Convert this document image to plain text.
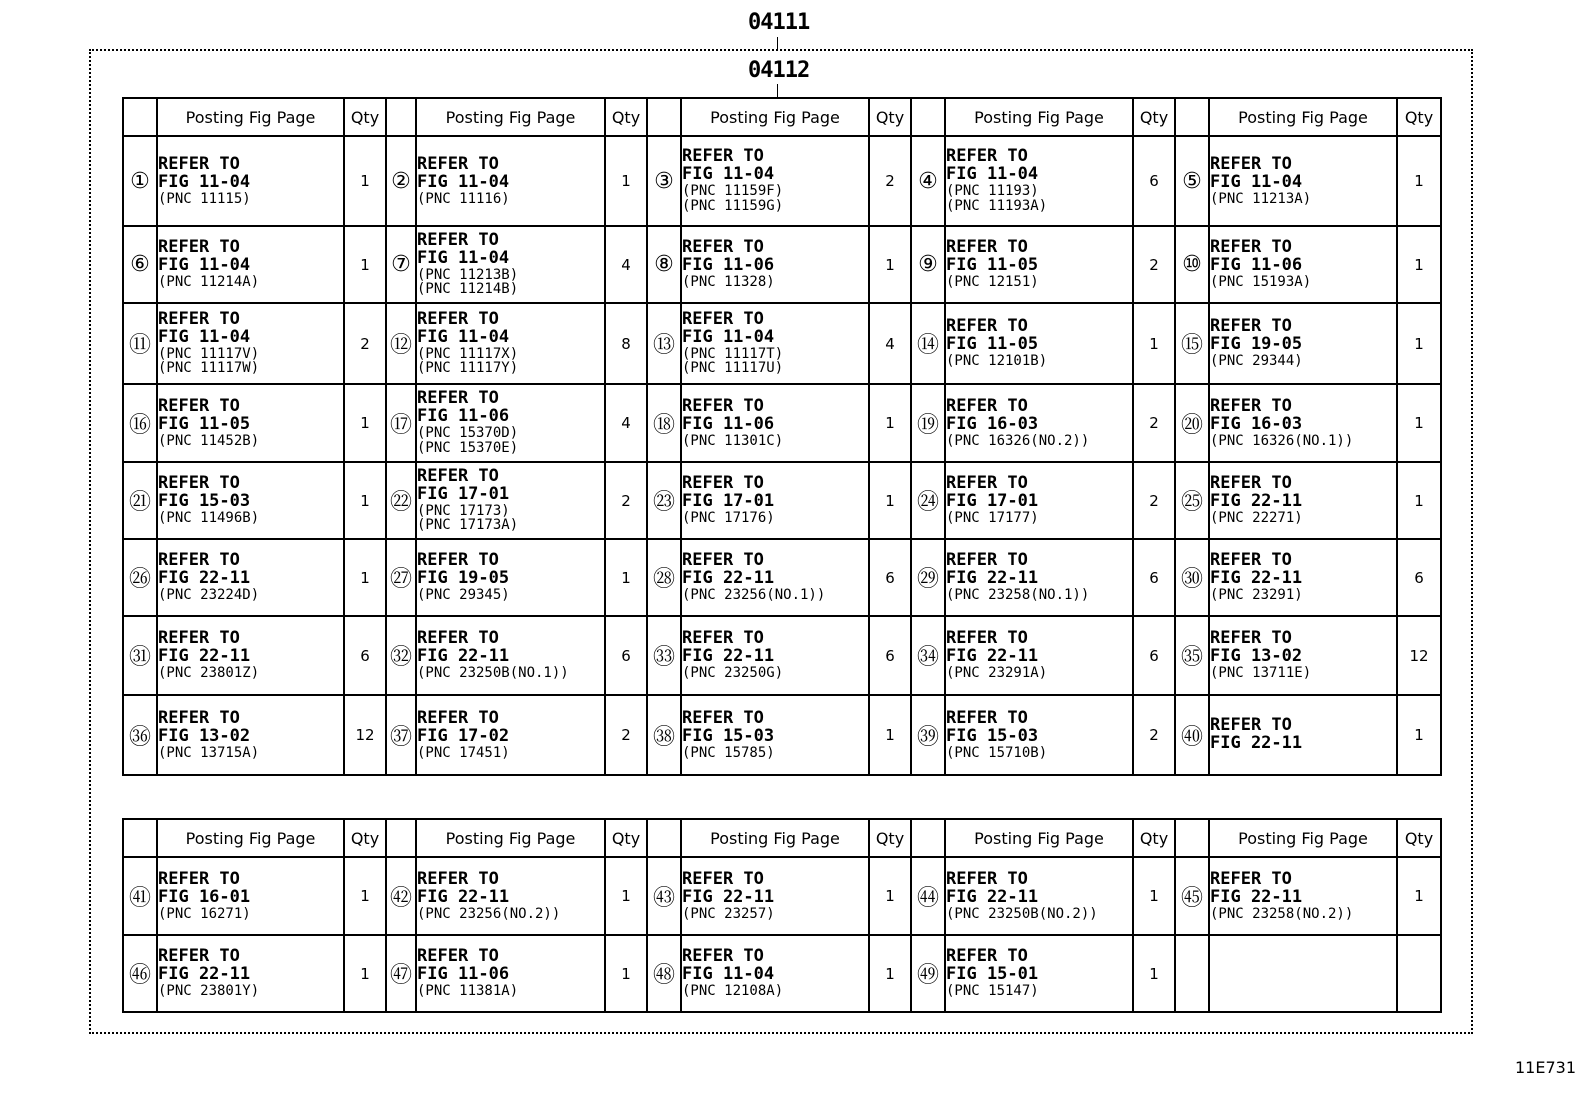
04111
04112
	Posting Fig Page	Qty		Posting Fig Page	Qty		Posting Fig Page	Qty		Posting Fig Page	Qty		Posting Fig Page	Qty
①	REFER TO
FIG 11-04
(PNC 11115)	1	②	REFER TO
FIG 11-04
(PNC 11116)	1	③	REFER TO
FIG 11-04
(PNC 11159F)
(PNC 11159G)	2	④	REFER TO
FIG 11-04
(PNC 11193)
(PNC 11193A)	6	⑤	REFER TO
FIG 11-04
(PNC 11213A)	1
⑥	REFER TO
FIG 11-04
(PNC 11214A)	1	⑦	REFER TO
FIG 11-04
(PNC 11213B)
(PNC 11214B)	4	⑧	REFER TO
FIG 11-06
(PNC 11328)	1	⑨	REFER TO
FIG 11-05
(PNC 12151)	2	⑩	REFER TO
FIG 11-06
(PNC 15193A)	1
⑪	REFER TO
FIG 11-04
(PNC 11117V)
(PNC 11117W)	2	⑫	REFER TO
FIG 11-04
(PNC 11117X)
(PNC 11117Y)	8	⑬	REFER TO
FIG 11-04
(PNC 11117T)
(PNC 11117U)	4	⑭	REFER TO
FIG 11-05
(PNC 12101B)	1	⑮	REFER TO
FIG 19-05
(PNC 29344)	1
⑯	REFER TO
FIG 11-05
(PNC 11452B)	1	⑰	REFER TO
FIG 11-06
(PNC 15370D)
(PNC 15370E)	4	⑱	REFER TO
FIG 11-06
(PNC 11301C)	1	⑲	REFER TO
FIG 16-03
(PNC 16326(NO.2))	2	⑳	REFER TO
FIG 16-03
(PNC 16326(NO.1))	1
㉑	REFER TO
FIG 15-03
(PNC 11496B)	1	㉒	REFER TO
FIG 17-01
(PNC 17173)
(PNC 17173A)	2	㉓	REFER TO
FIG 17-01
(PNC 17176)	1	㉔	REFER TO
FIG 17-01
(PNC 17177)	2	㉕	REFER TO
FIG 22-11
(PNC 22271)	1
㉖	REFER TO
FIG 22-11
(PNC 23224D)	1	㉗	REFER TO
FIG 19-05
(PNC 29345)	1	㉘	REFER TO
FIG 22-11
(PNC 23256(NO.1))	6	㉙	REFER TO
FIG 22-11
(PNC 23258(NO.1))	6	㉚	REFER TO
FIG 22-11
(PNC 23291)	6
㉛	REFER TO
FIG 22-11
(PNC 23801Z)	6	㉜	REFER TO
FIG 22-11
(PNC 23250B(NO.1))	6	㉝	REFER TO
FIG 22-11
(PNC 23250G)	6	㉞	REFER TO
FIG 22-11
(PNC 23291A)	6	㉟	REFER TO
FIG 13-02
(PNC 13711E)	12
㊱	REFER TO
FIG 13-02
(PNC 13715A)	12	㊲	REFER TO
FIG 17-02
(PNC 17451)	2	㊳	REFER TO
FIG 15-03
(PNC 15785)	1	㊴	REFER TO
FIG 15-03
(PNC 15710B)	2	㊵	REFER TO
FIG 22-11	1
	Posting Fig Page	Qty		Posting Fig Page	Qty		Posting Fig Page	Qty		Posting Fig Page	Qty		Posting Fig Page	Qty
㊶	REFER TO
FIG 16-01
(PNC 16271)	1	㊷	REFER TO
FIG 22-11
(PNC 23256(NO.2))	1	㊸	REFER TO
FIG 22-11
(PNC 23257)	1	㊹	REFER TO
FIG 22-11
(PNC 23250B(NO.2))	1	㊺	REFER TO
FIG 22-11
(PNC 23258(NO.2))	1
㊻	REFER TO
FIG 22-11
(PNC 23801Y)	1	㊼	REFER TO
FIG 11-06
(PNC 11381A)	1	㊽	REFER TO
FIG 11-04
(PNC 12108A)	1	㊾	REFER TO
FIG 15-01
(PNC 15147)	1			
11E731
